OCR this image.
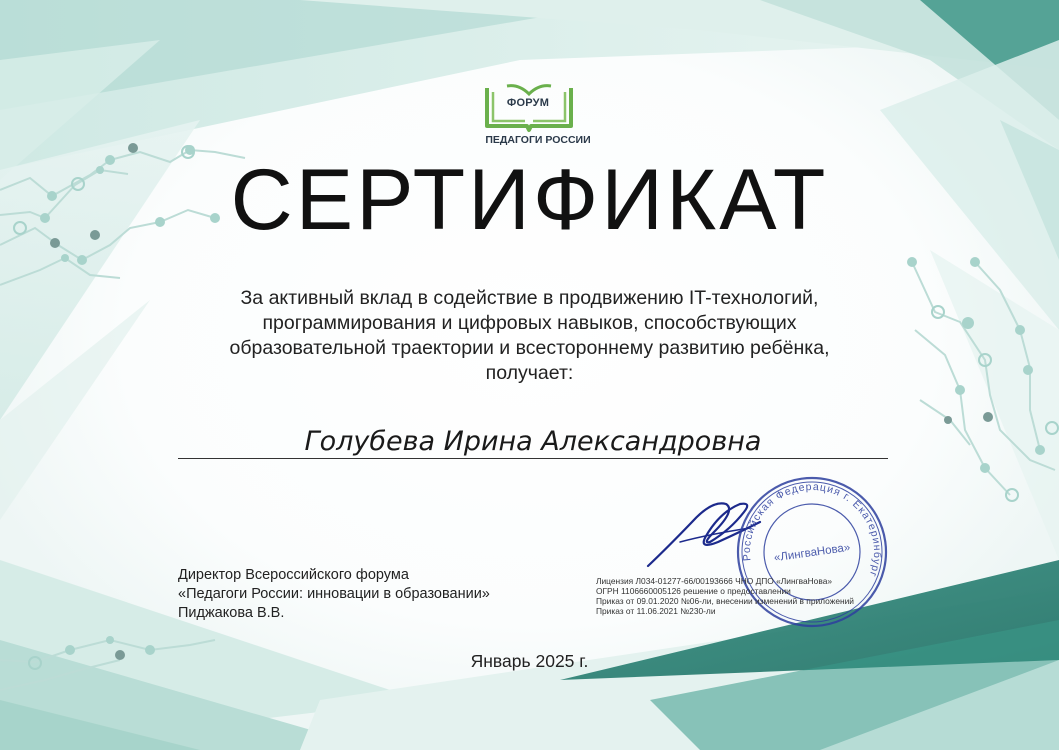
ФОРУМ
ПЕДАГОГИ РОССИИ
СЕРТИФИКАТ
За активный вклад в содействие в продвижению IT-технологий,
программирования и цифровых навыков, способствующих
образовательной траектории и всестороннему развитию ребёнка,
получает:
Голубева Ирина Александровна
Директор Всероссийского форума
«Педагоги России: инновации в образовании»
Пиджакова В.В.
Российская Федерация г. Екатеринбург
«ЛингваНова»
Лицензия Л034-01277-66/00193666 ЧНО ДПО «ЛингваНова»
ОГРН 1106660005126 решение о предоставлении
Приказ от 09.01.2020 №06-ли, внесении изменений в приложений
Приказ от 11.06.2021 №230-ли
Январь 2025 г.
